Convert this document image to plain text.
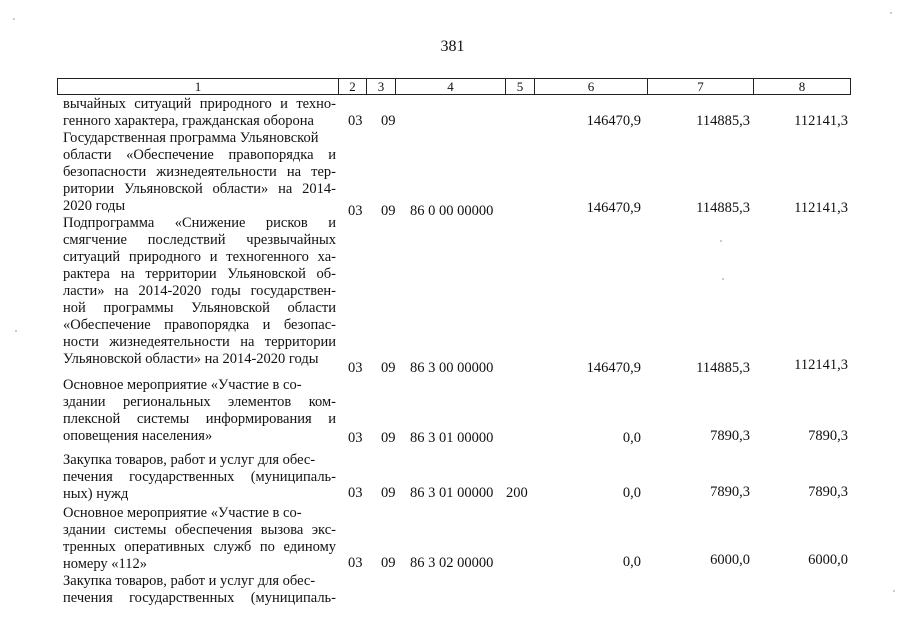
381
1	2	3	4	5	6	7	8
вычайных ситуаций природного и техно-
генного характера, гражданская оборона	03 09	146470,9	114885,3	112141,3
Государственная программа Ульяновской
области «Обеспечение правопорядка и
безопасности жизнедеятельности на тер-
ритории Ульяновской области» на 2014-
2020 годы	03 09 86 0 00 00000	146470,9	114885,3	112141,3
Подпрограмма «Снижение рисков и
смягчение последствий чрезвычайных
ситуаций природного и техногенного ха-
рактера на территории Ульяновской об-
ласти» на 2014-2020 годы государствен-
ной программы Ульяновской области
«Обеспечение правопорядка и безопас-
ности жизнедеятельности на территории
Ульяновской области» на 2014-2020 годы
03 09 86 3 00 00000	146470,9	114885,3	112141,3
Основное мероприятие «Участие в со-
здании региональных элементов ком-
плексной системы информирования и
оповещения населения»	03 09 86 3 01 00000	0,0	7890,3	7890,3
Закупка товаров, работ и услуг для обес-
печения государственных (муниципаль-
ных) нужд	03 09 86 3 01 00000 200	0,0	7890,3	7890,3
Основное мероприятие «Участие в со-
здании системы обеспечения вызова экс-
тренных оперативных служб по единому
номеру «112»	03 09 86 3 02 00000	0,0	6000,0	6000,0
Закупка товаров, работ и услуг для обес-
печения государственных (муниципаль-
